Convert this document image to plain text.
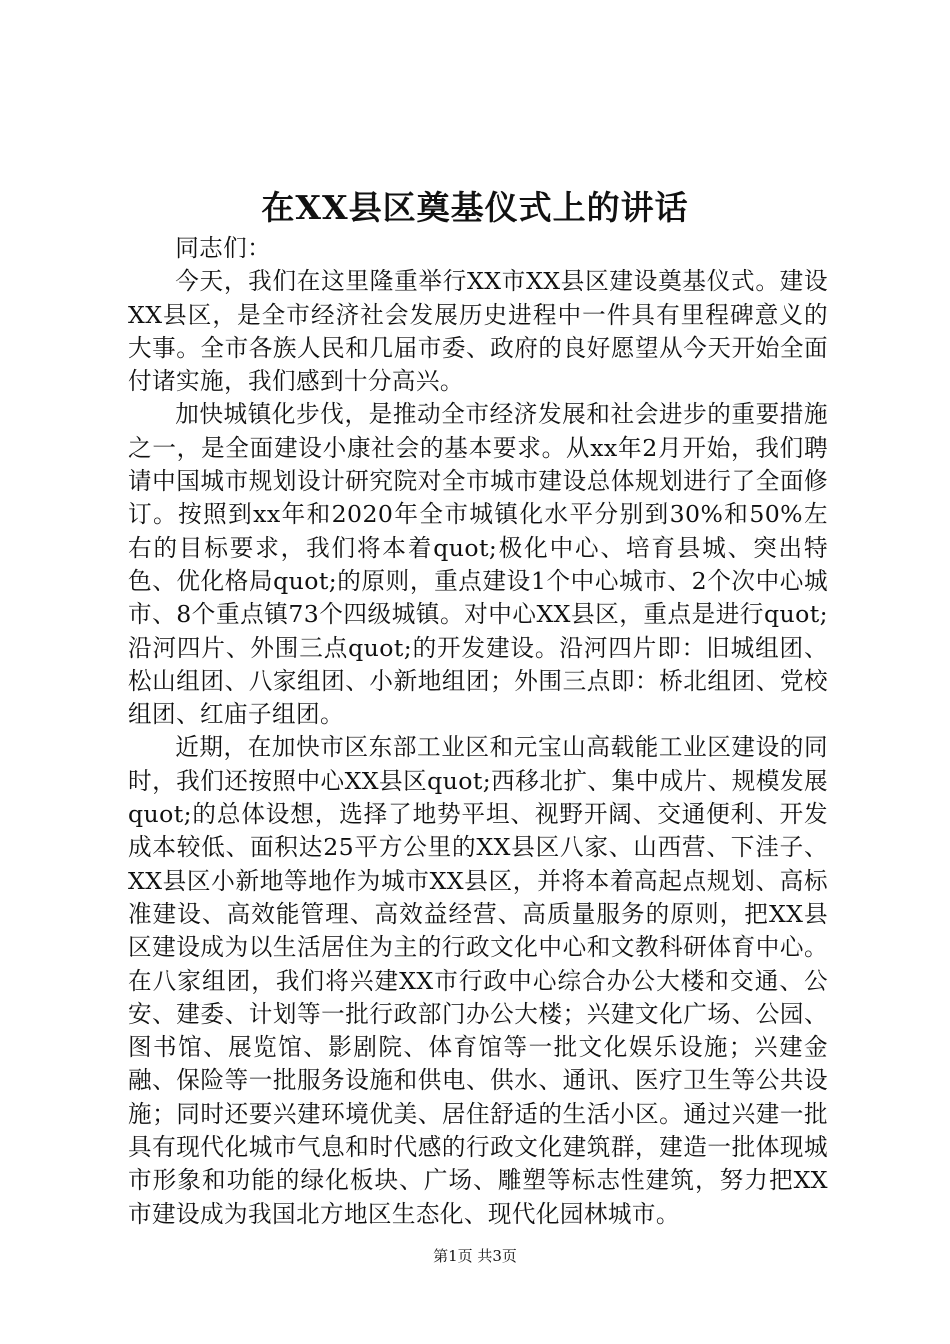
在XX县区奠基仪式上的讲话

同志们：

今天，我们在这里隆重举行XX市XX县区建设奠基仪式。建设XX县区，是全市经济社会发展历史进程中一件具有里程碑意义的大事。全市各族人民和几届市委、政府的良好愿望从今天开始全面付诸实施，我们感到十分高兴。

加快城镇化步伐，是推动全市经济发展和社会进步的重要措施之一，是全面建设小康社会的基本要求。从xx年2月开始，我们聘请中国城市规划设计研究院对全市城市建设总体规划进行了全面修订。按照到xx年和2020年全市城镇化水平分别到30%和50%左右的目标要求，我们将本着quot;极化中心、培育县城、突出特色、优化格局quot;的原则，重点建设1个中心城市、2个次中心城市、8个重点镇73个四级城镇。对中心XX县区，重点是进行quot;沿河四片、外围三点quot;的开发建设。沿河四片即：旧城组团、松山组团、八家组团、小新地组团；外围三点即：桥北组团、党校组团、红庙子组团。

近期，在加快市区东部工业区和元宝山高载能工业区建设的同时，我们还按照中心XX县区quot;西移北扩、集中成片、规模发展quot;的总体设想，选择了地势平坦、视野开阔、交通便利、开发成本较低、面积达25平方公里的XX县区八家、山西营、下洼子、XX县区小新地等地作为城市XX县区，并将本着高起点规划、高标准建设、高效能管理、高效益经营、高质量服务的原则，把XX县区建设成为以生活居住为主的行政文化中心和文教科研体育中心。在八家组团，我们将兴建XX市行政中心综合办公大楼和交通、公安、建委、计划等一批行政部门办公大楼；兴建文化广场、公园、图书馆、展览馆、影剧院、体育馆等一批文化娱乐设施；兴建金融、保险等一批服务设施和供电、供水、通讯、医疗卫生等公共设施；同时还要兴建环境优美、居住舒适的生活小区。通过兴建一批具有现代化城市气息和时代感的行政文化建筑群，建造一批体现城市形象和功能的绿化板块、广场、雕塑等标志性建筑，努力把XX市建设成为我国北方地区生态化、现代化园林城市。

第1页 共3页
